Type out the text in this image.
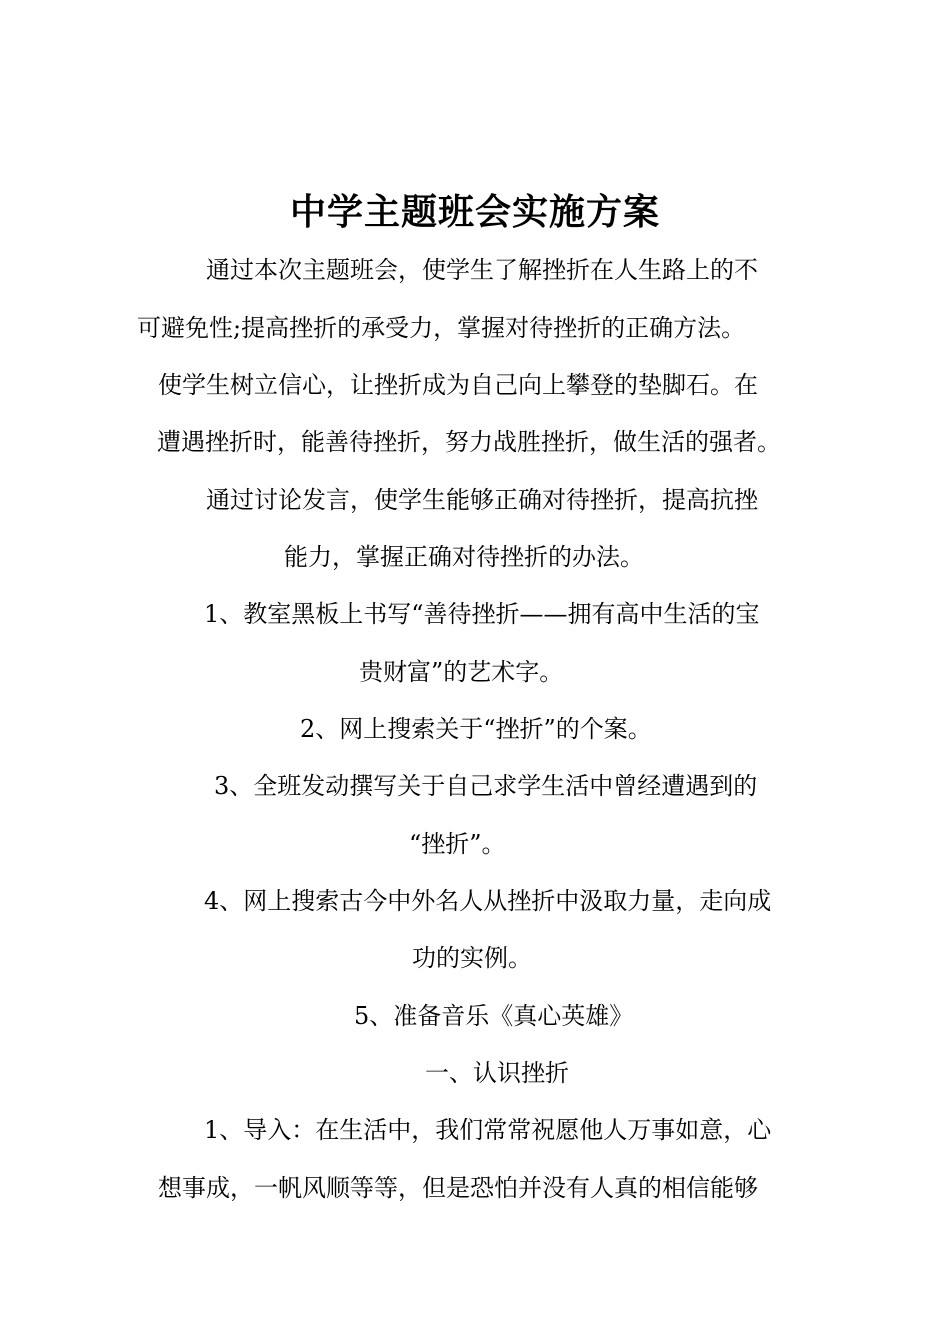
中学主题班会实施方案
通过本次主题班会，使学生了解挫折在人生路上的不
可避免性;提高挫折的承受力，掌握对待挫折的正确方法。
使学生树立信心，让挫折成为自己向上攀登的垫脚石。在
遭遇挫折时，能善待挫折，努力战胜挫折，做生活的强者。
通过讨论发言，使学生能够正确对待挫折，提高抗挫
能力，掌握正确对待挫折的办法。
1、教室黑板上书写“善待挫折——拥有高中生活的宝
贵财富”的艺术字。
2、网上搜索关于“挫折”的个案。
3、全班发动撰写关于自己求学生活中曾经遭遇到的
“挫折”。
4、网上搜索古今中外名人从挫折中汲取力量，走向成
功的实例。
5、准备音乐《真心英雄》
一、认识挫折
1、导入：在生活中，我们常常祝愿他人万事如意，心
想事成，一帆风顺等等，但是恐怕并没有人真的相信能够
